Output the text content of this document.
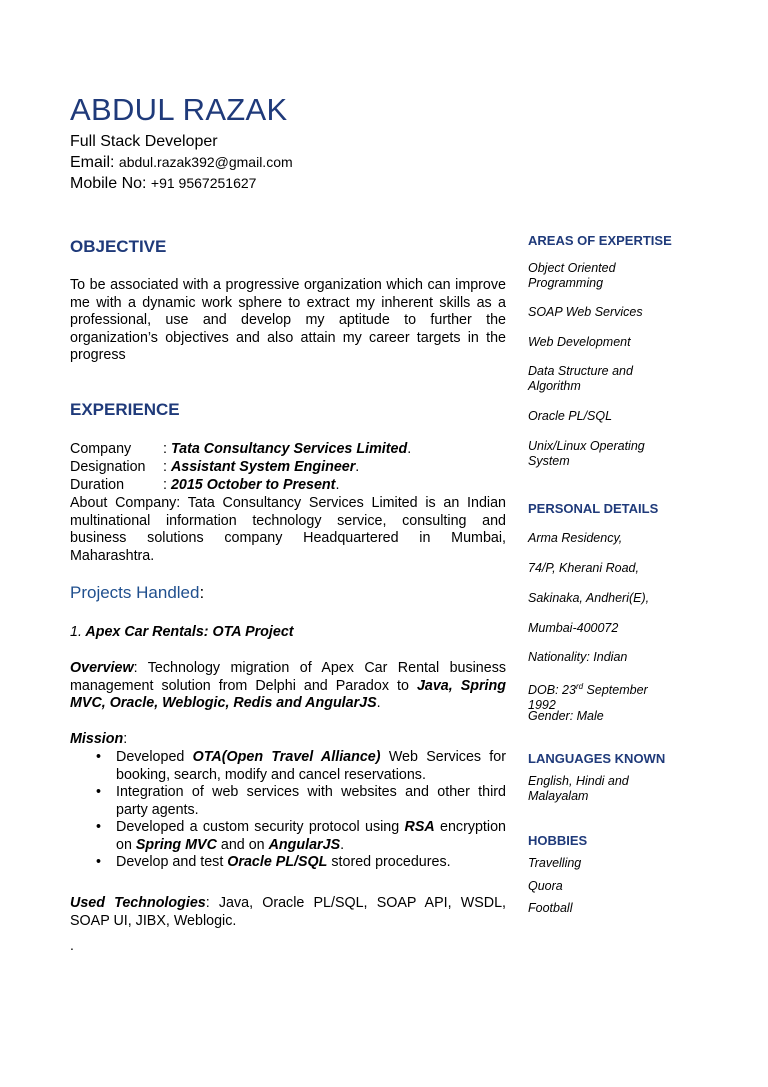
ABDUL RAZAK
Full Stack Developer
Email: abdul.razak392@gmail.com
Mobile No: +91 9567251627
OBJECTIVE
To be associated with a progressive organization which can improve me with a dynamic work sphere to extract my inherent skills as a professional, use and develop my aptitude to further the organization’s objectives and also attain my career targets in the progress
EXPERIENCE
Company : Tata Consultancy Services Limited.
Designation : Assistant System Engineer.
Duration	: 2015 October to Present.
About Company: Tata Consultancy Services Limited is an Indian multinational information technology service, consulting and business solutions company Headquartered in Mumbai, Maharashtra.
Projects Handled:
1. Apex Car Rentals: OTA Project
Overview: Technology migration of Apex Car Rental business management solution from Delphi and Paradox to Java, Spring MVC, Oracle, Weblogic, Redis and AngularJS.
Mission:
• Developed OTA(Open Travel Alliance) Web Services for booking, search, modify and cancel reservations.
• Integration of web services with websites and other third party agents.
• Developed a custom security protocol using RSA encryption on Spring MVC and on AngularJS.
• Develop and test Oracle PL/SQL stored procedures.
Used Technologies: Java, Oracle PL/SQL, SOAP API, WSDL, SOAP UI, JIBX, Weblogic.
.
AREAS OF EXPERTISE
Object Oriented Programming
SOAP Web Services
Web Development
Data Structure and Algorithm
Oracle PL/SQL
Unix/Linux Operating System
PERSONAL DETAILS
Arma Residency,
74/P, Kherani Road,
Sakinaka, Andheri(E),
Mumbai-400072
Nationality: Indian
DOB: 23rd September 1992
Gender: Male
LANGUAGES KNOWN
English, Hindi and Malayalam
HOBBIES
Travelling
Quora
Football
